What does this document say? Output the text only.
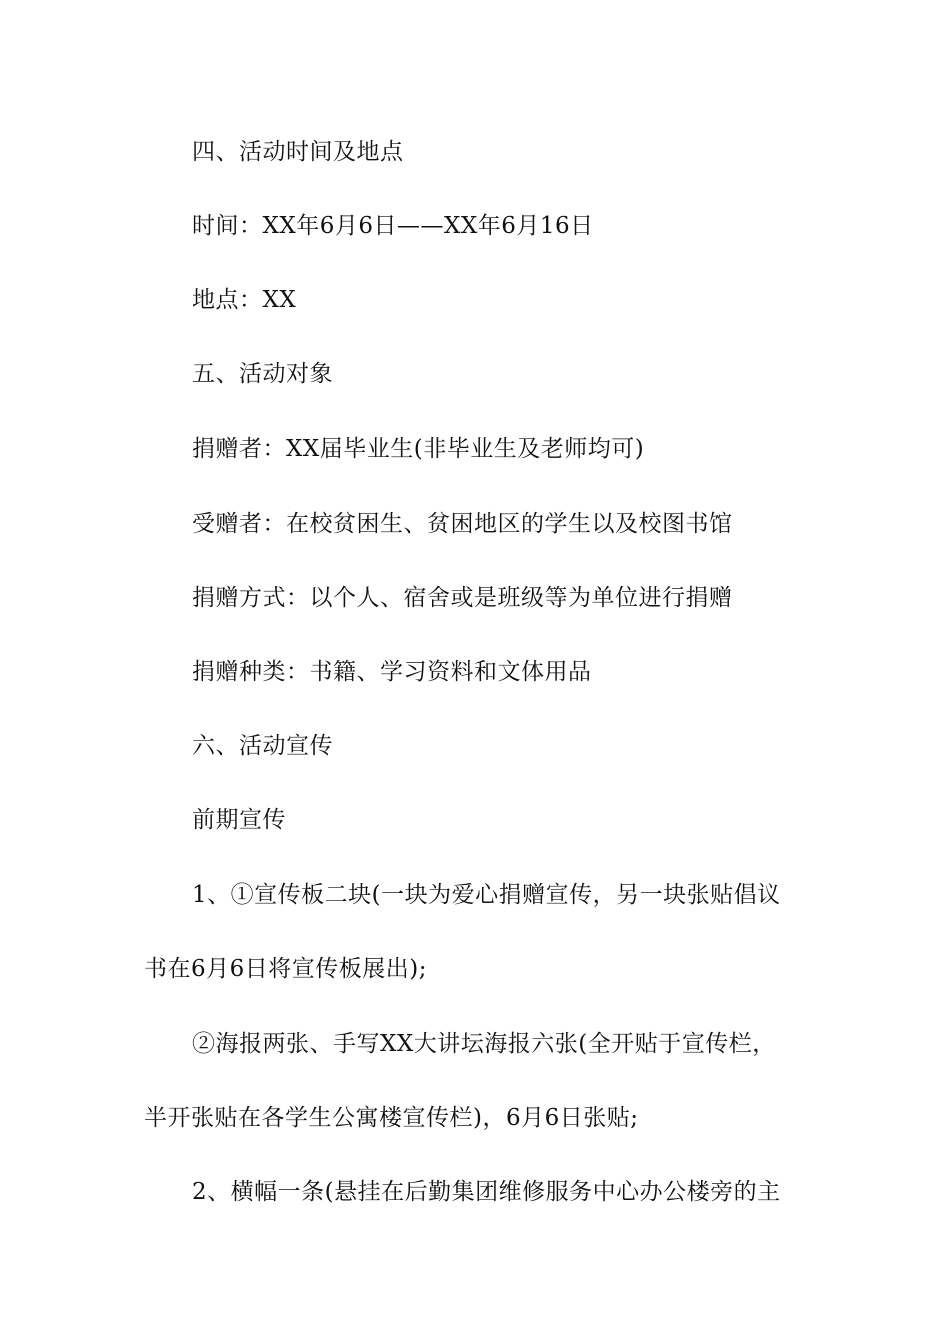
四、活动时间及地点
时间：XX年6月6日——XX年6月16日
地点：XX
五、活动对象
捐赠者：XX届毕业生(非毕业生及老师均可)
受赠者：在校贫困生、贫困地区的学生以及校图书馆
捐赠方式：以个人、宿舍或是班级等为单位进行捐赠
捐赠种类：书籍、学习资料和文体用品
六、活动宣传
前期宣传
1、①宣传板二块(一块为爱心捐赠宣传，另一块张贴倡议
书在6月6日将宣传板展出);
②海报两张、手写XX大讲坛海报六张(全开贴于宣传栏，
半开张贴在各学生公寓楼宣传栏)，6月6日张贴;
2、横幅一条(悬挂在后勤集团维修服务中心办公楼旁的主
